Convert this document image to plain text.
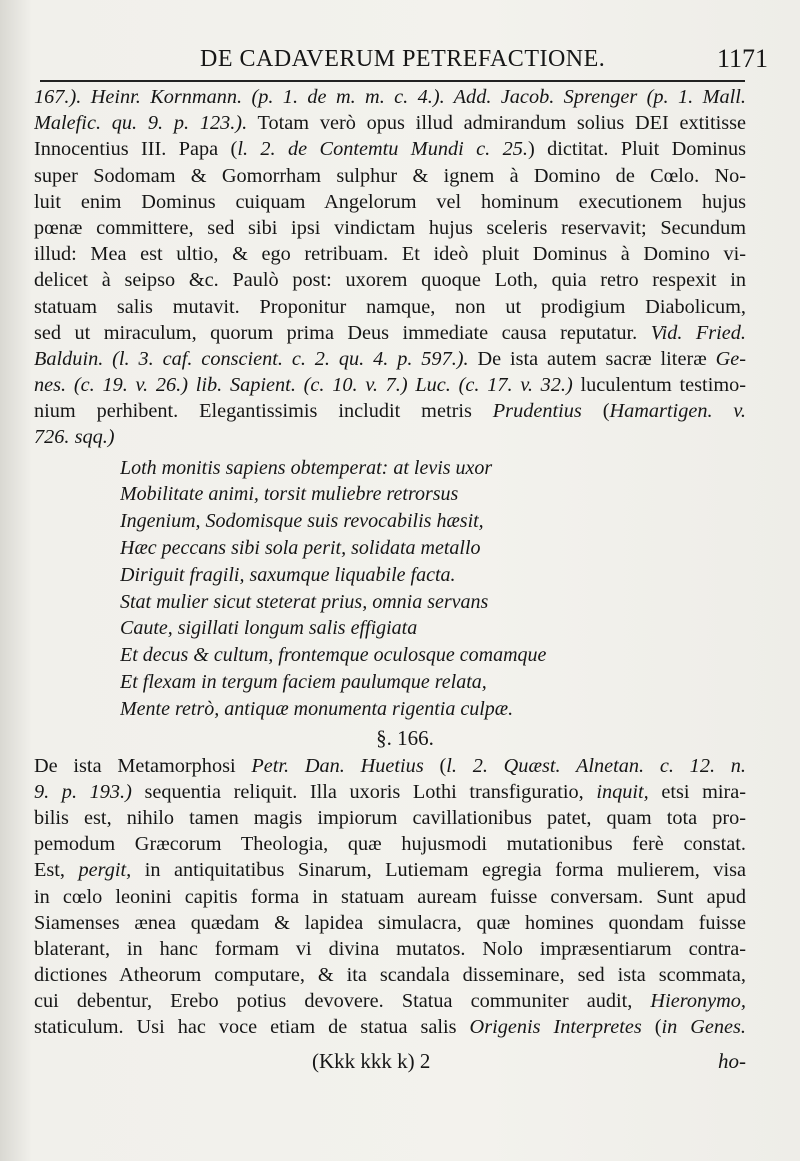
DE CADAVERUM PETREFACTIONE.	1171
167.). Heinr. Kornmann. (p. 1. de m. m. c. 4.). Add. Jacob. Sprenger (p. 1. Mall.
Malefic. qu. 9. p. 123.). Totam verò opus illud admirandum solius DEI extitisse
Innocentius III. Papa (l. 2. de Contemtu Mundi c. 25.) dictitat. Pluit Dominus
super Sodomam & Gomorrham sulphur & ignem à Domino de Cœlo. No-
luit enim Dominus cuiquam Angelorum vel hominum executionem hujus
pœnæ committere, sed sibi ipsi vindictam hujus sceleris reservavit; Secundum
illud: Mea est ultio, & ego retribuam. Et ideò pluit Dominus à Domino vi-
delicet à seipso &c. Paulò post: uxorem quoque Loth, quia retro respexit in
statuam salis mutavit. Proponitur namque, non ut prodigium Diabolicum,
sed ut miraculum, quorum prima Deus immediate causa reputatur. Vid. Fried.
Balduin. (l. 3. caf. conscient. c. 2. qu. 4. p. 597.). De ista autem sacræ literæ Ge-
nes. (c. 19. v. 26.) lib. Sapient. (c. 10. v. 7.) Luc. (c. 17. v. 32.) luculentum testimo-
nium perhibent. Elegantissimis includit metris Prudentius (Hamartigen. v.
726. sqq.)
Loth monitis sapiens obtemperat: at levis uxor
Mobilitate animi, torsit muliebre retrorsus
Ingenium, Sodomisque suis revocabilis hæsit,
Hæc peccans sibi sola perit, solidata metallo
Diriguit fragili, saxumque liquabile facta.
Stat mulier sicut steterat prius, omnia servans
Caute, sigillati longum salis effigiata
Et decus & cultum, frontemque oculosque comamque
Et flexam in tergum faciem paulumque relata,
Mente retrò, antiquæ monumenta rigentia culpæ.
§. 166.
De ista Metamorphosi Petr. Dan. Huetius (l. 2. Quæst. Alnetan. c. 12. n.
9. p. 193.) sequentia reliquit. Illa uxoris Lothi transfiguratio, inquit, etsi mira-
bilis est, nihilo tamen magis impiorum cavillationibus patet, quam tota pro-
pemodum Græcorum Theologia, quæ hujusmodi mutationibus ferè constat.
Est, pergit, in antiquitatibus Sinarum, Lutiemam egregia forma mulierem, visa
in cœlo leonini capitis forma in statuam auream fuisse conversam. Sunt apud
Siamenses ænea quædam & lapidea simulacra, quæ homines quondam fuisse
blaterant, in hanc formam vi divina mutatos. Nolo impræsentiarum contra-
dictiones Atheorum computare, & ita scandala disseminare, sed ista scommata,
cui debentur, Erebo potius devovere. Statua communiter audit, Hieronymo,
staticulum. Usi hac voce etiam de statua salis Origenis Interpretes (in Genes.
(Kkk kkk k) 2	ho-
